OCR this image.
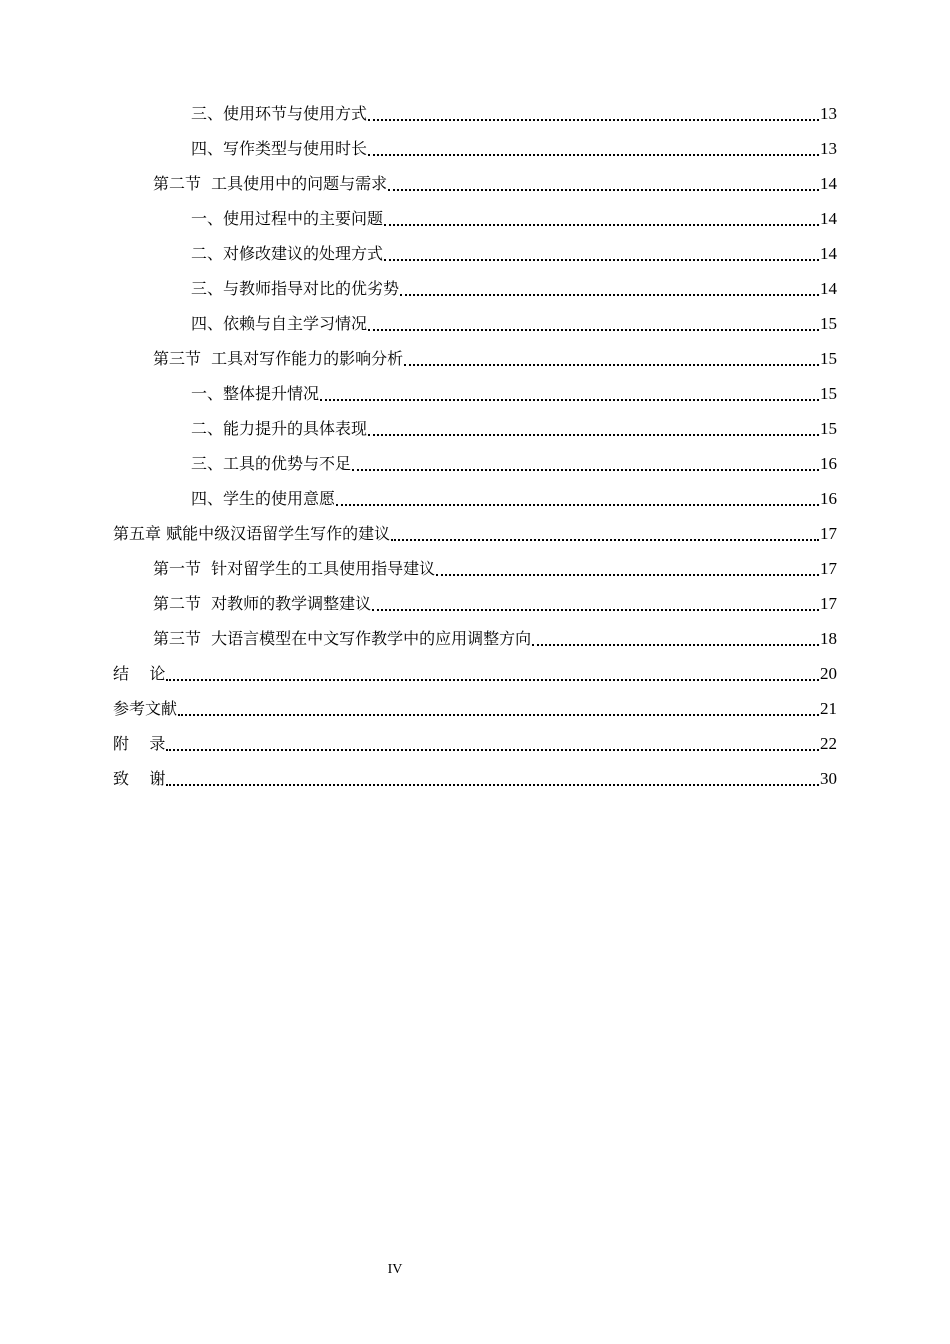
三、使用环节与使用方式	13
四、写作类型与使用时长	13
第二节  工具使用中的问题与需求	14
一、使用过程中的主要问题	14
二、对修改建议的处理方式	14
三、与教师指导对比的优劣势	14
四、依赖与自主学习情况	15
第三节  工具对写作能力的影响分析	15
一、整体提升情况	15
二、能力提升的具体表现	15
三、工具的优势与不足	16
四、学生的使用意愿	16
第五章 赋能中级汉语留学生写作的建议	17
第一节  针对留学生的工具使用指导建议	17
第二节  对教师的教学调整建议	17
第三节  大语言模型在中文写作教学中的应用调整方向	18
结    论	20
参考文献	21
附    录	22
致    谢	30
IV
